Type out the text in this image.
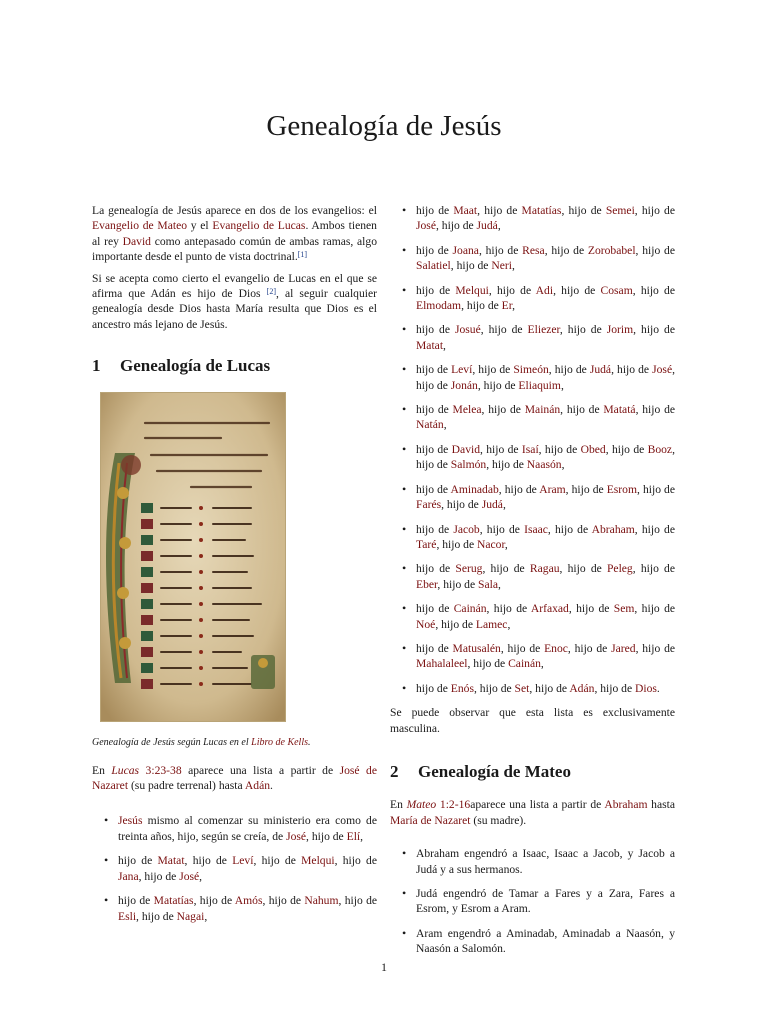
Genealogía de Jesús

La genealogía de Jesús aparece en dos de los evangelios: el Evangelio de Mateo y el Evangelio de Lucas. Ambos tienen al rey David como antepasado común de ambas ramas, algo importante desde el punto de vista doctrinal.[1]

Si se acepta como cierto el evangelio de Lucas en el que se afirma que Adán es hijo de Dios [2], al seguir cualquier genealogía desde Dios hasta María resulta que Dios es el ancestro más lejano de Jesús.

1	Genealogía de Lucas

Genealogía de Jesús según Lucas en el Libro de Kells.

En Lucas 3:23-38 aparece una lista a partir de José de Nazaret (su padre terrenal) hasta Adán.

• Jesús mismo al comenzar su ministerio era como de treinta años, hijo, según se creía, de José, hijo de Elí,
• hijo de Matat, hijo de Leví, hijo de Melqui, hijo de Jana, hijo de José,
• hijo de Matatías, hijo de Amós, hijo de Nahum, hijo de Esli, hijo de Nagai,
• hijo de Maat, hijo de Matatías, hijo de Semei, hijo de José, hijo de Judá,
• hijo de Joana, hijo de Resa, hijo de Zorobabel, hijo de Salatiel, hijo de Neri,
• hijo de Melqui, hijo de Adi, hijo de Cosam, hijo de Elmodam, hijo de Er,
• hijo de Josué, hijo de Eliezer, hijo de Jorim, hijo de Matat,
• hijo de Leví, hijo de Simeón, hijo de Judá, hijo de José, hijo de Jonán, hijo de Eliaquim,
• hijo de Melea, hijo de Mainán, hijo de Matatá, hijo de Natán,
• hijo de David, hijo de Isaí, hijo de Obed, hijo de Booz, hijo de Salmón, hijo de Naasón,
• hijo de Aminadab, hijo de Aram, hijo de Esrom, hijo de Farés, hijo de Judá,
• hijo de Jacob, hijo de Isaac, hijo de Abraham, hijo de Taré, hijo de Nacor,
• hijo de Serug, hijo de Ragau, hijo de Peleg, hijo de Eber, hijo de Sala,
• hijo de Cainán, hijo de Arfaxad, hijo de Sem, hijo de Noé, hijo de Lamec,
• hijo de Matusalén, hijo de Enoc, hijo de Jared, hijo de Mahalaleel, hijo de Cainán,
• hijo de Enós, hijo de Set, hijo de Adán, hijo de Dios.

Se puede observar que esta lista es exclusivamente masculina.

2	Genealogía de Mateo

En Mateo 1:2-16aparece una lista a partir de Abraham hasta María de Nazaret (su madre).

• Abraham engendró a Isaac, Isaac a Jacob, y Jacob a Judá y a sus hermanos.
• Judá engendró de Tamar a Fares y a Zara, Fares a Esrom, y Esrom a Aram.
• Aram engendró a Aminadab, Aminadab a Naasón, y Naasón a Salomón.
1
